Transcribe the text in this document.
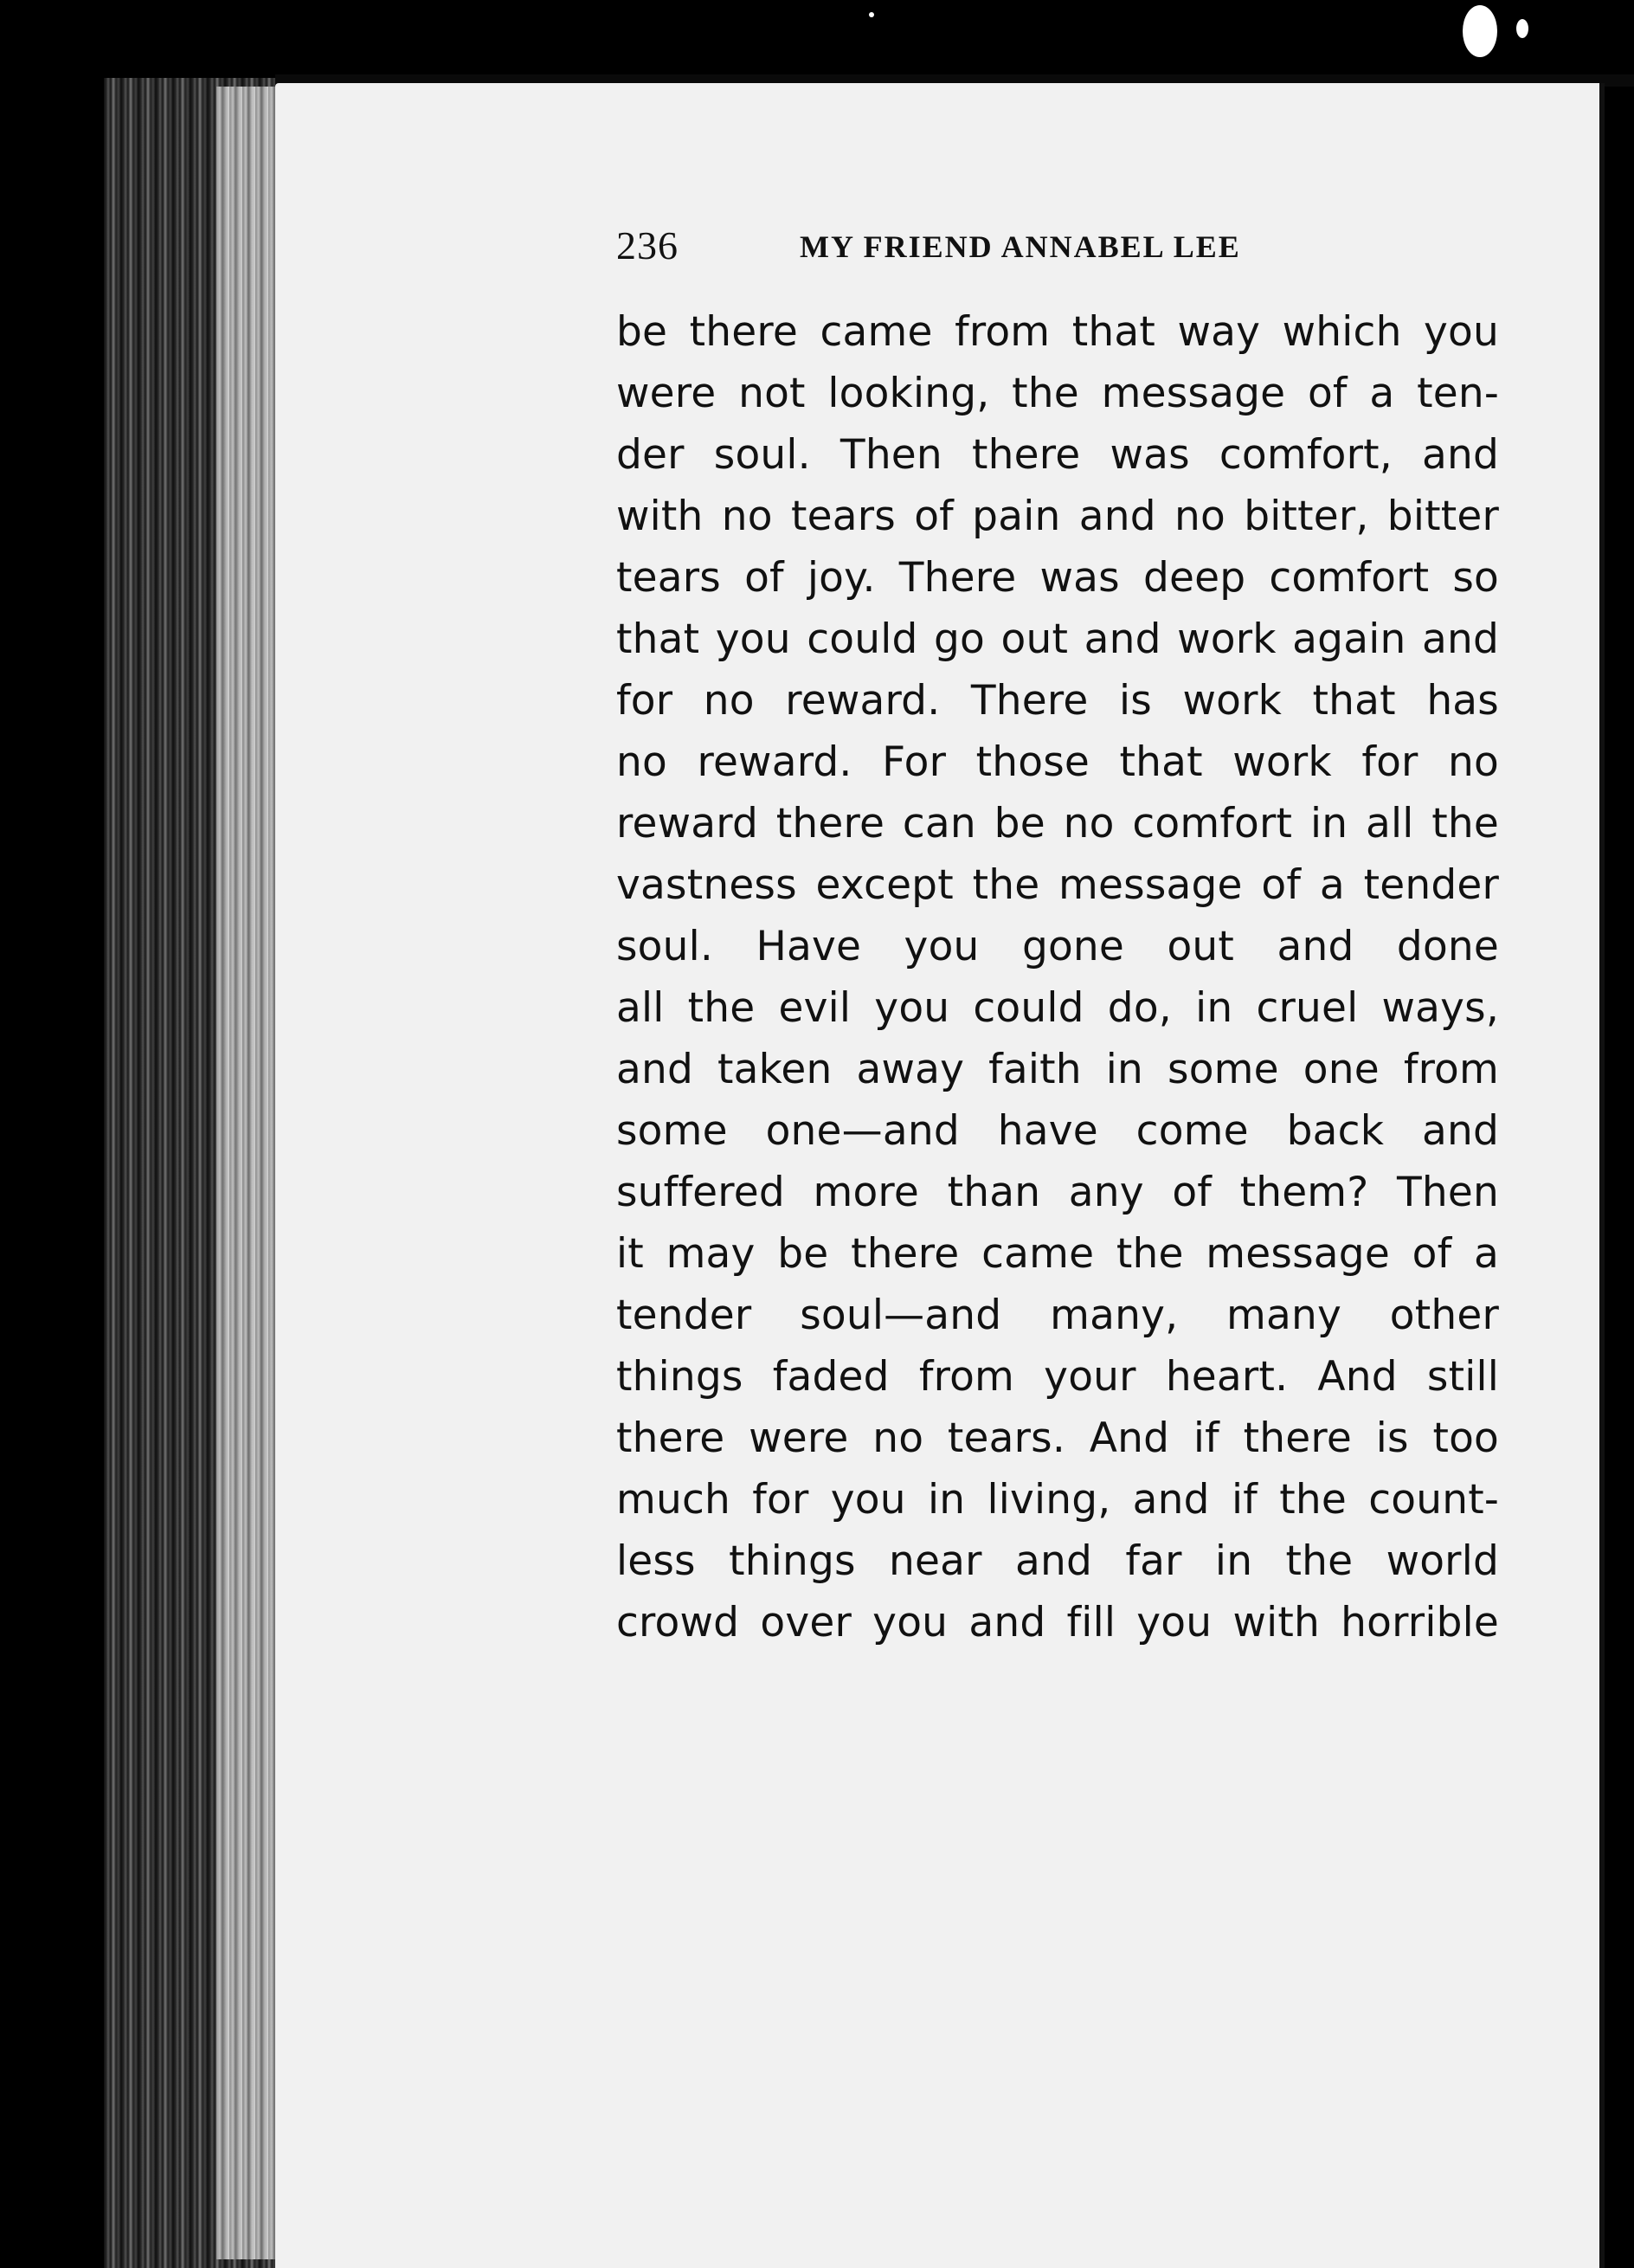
236	MY FRIEND ANNABEL LEE
be there came from that way which you
were not looking, the message of a ten-
der soul. Then there was comfort, and
with no tears of pain and no bitter, bitter
tears of joy. There was deep comfort so
that you could go out and work again and
for no reward. There is work that has
no reward. For those that work for no
reward there can be no comfort in all the
vastness except the message of a tender
soul. Have you gone out and done
all the evil you could do, in cruel ways,
and taken away faith in some one from
some one—and have come back and
suffered more than any of them? Then
it may be there came the message of a
tender soul—and many, many other
things faded from your heart. And still
there were no tears. And if there is too
much for you in living, and if the count-
less things near and far in the world
crowd over you and fill you with horrible
